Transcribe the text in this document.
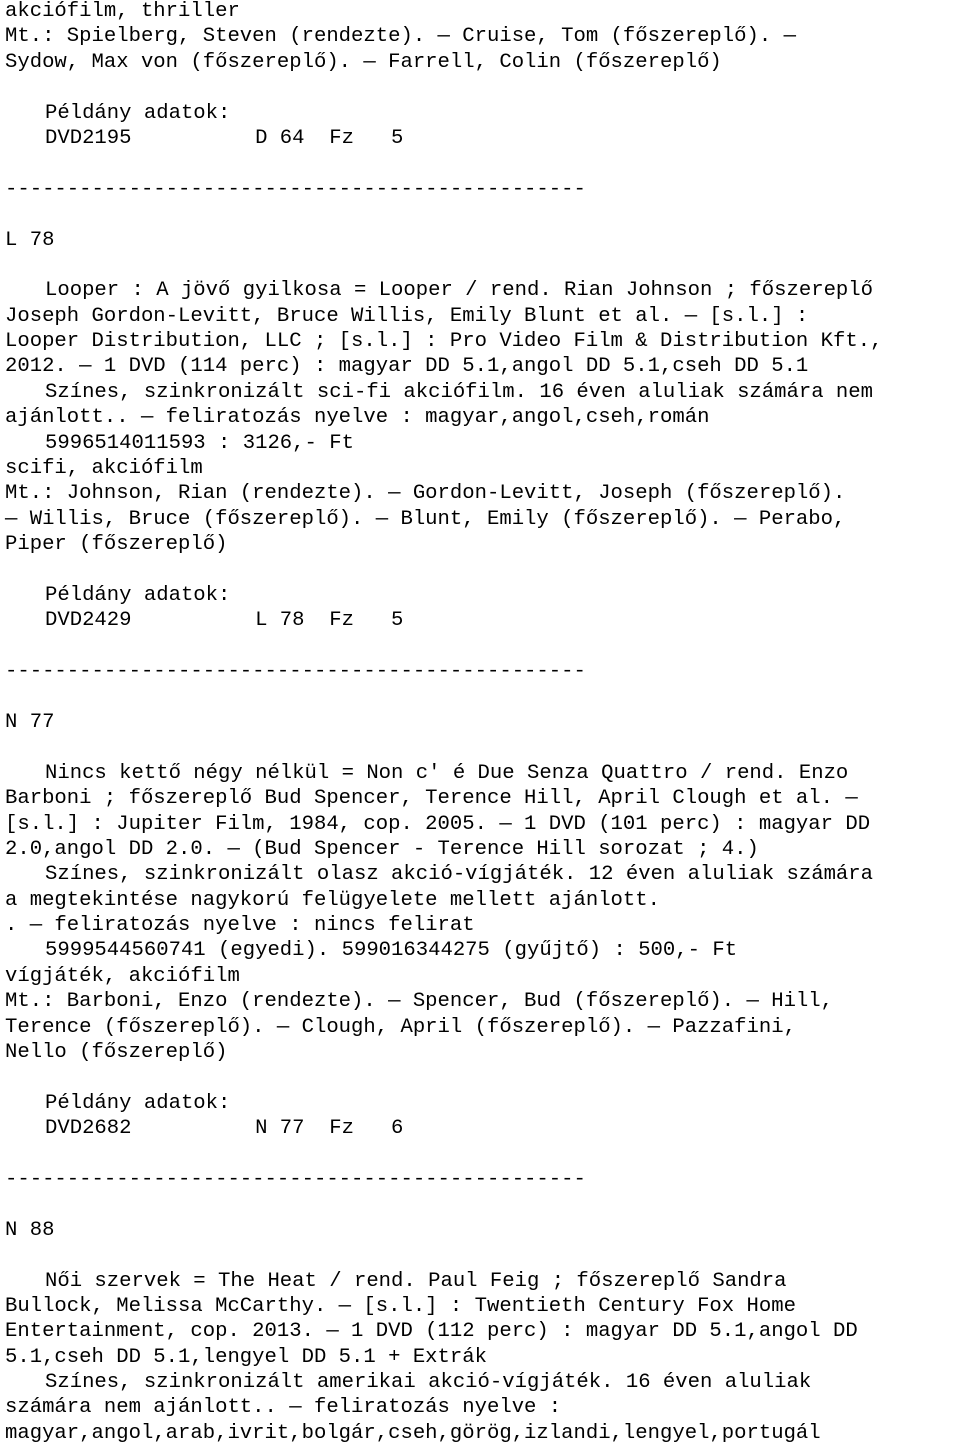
akciófilm, thriller
Mt.: Spielberg, Steven (rendezte). — Cruise, Tom (főszereplő). —
Sydow, Max von (főszereplő). — Farrell, Colin (főszereplő)
Példány adatok:
DVD2195          D 64  Fz   5
-----------------------------------------------
L 78
Looper : A jövő gyilkosa = Looper / rend. Rian Johnson ; főszereplő
Joseph Gordon-Levitt, Bruce Willis, Emily Blunt et al. — [s.l.] :
Looper Distribution, LLC ; [s.l.] : Pro Video Film & Distribution Kft.,
2012. — 1 DVD (114 perc) : magyar DD 5.1,angol DD 5.1,cseh DD 5.1
Színes, szinkronizált sci-fi akciófilm. 16 éven aluliak számára nem
ajánlott.. — feliratozás nyelve : magyar,angol,cseh,román
5996514011593 : 3126,- Ft
scifi, akciófilm
Mt.: Johnson, Rian (rendezte). — Gordon-Levitt, Joseph (főszereplő).
— Willis, Bruce (főszereplő). — Blunt, Emily (főszereplő). — Perabo,
Piper (főszereplő)
Példány adatok:
DVD2429          L 78  Fz   5
-----------------------------------------------
N 77
Nincs kettő négy nélkül = Non c' é Due Senza Quattro / rend. Enzo
Barboni ; főszereplő Bud Spencer, Terence Hill, April Clough et al. —
[s.l.] : Jupiter Film, 1984, cop. 2005. — 1 DVD (101 perc) : magyar DD
2.0,angol DD 2.0. — (Bud Spencer - Terence Hill sorozat ; 4.)
Színes, szinkronizált olasz akció-vígjáték. 12 éven aluliak számára
a megtekintése nagykorú felügyelete mellett ajánlott.
. — feliratozás nyelve : nincs felirat
5999544560741 (egyedi). 599016344275 (gyűjtő) : 500,- Ft
vígjáték, akciófilm
Mt.: Barboni, Enzo (rendezte). — Spencer, Bud (főszereplő). — Hill,
Terence (főszereplő). — Clough, April (főszereplő). — Pazzafini,
Nello (főszereplő)
Példány adatok:
DVD2682          N 77  Fz   6
-----------------------------------------------
N 88
Női szervek = The Heat / rend. Paul Feig ; főszereplő Sandra
Bullock, Melissa McCarthy. — [s.l.] : Twentieth Century Fox Home
Entertainment, cop. 2013. — 1 DVD (112 perc) : magyar DD 5.1,angol DD
5.1,cseh DD 5.1,lengyel DD 5.1 + Extrák
Színes, szinkronizált amerikai akció-vígjáték. 16 éven aluliak
számára nem ajánlott.. — feliratozás nyelve :
magyar,angol,arab,ivrit,bolgár,cseh,görög,izlandi,lengyel,portugál
